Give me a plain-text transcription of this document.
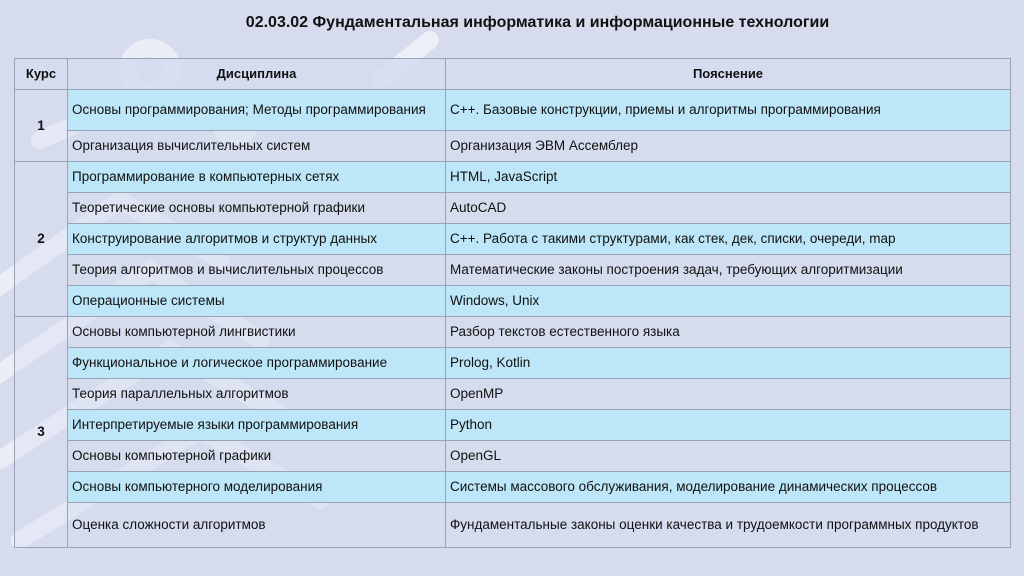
02.03.02 Фундаментальная информатика и информационные технологии
Курс	Дисциплина	Пояснение
1	Основы программирования; Методы программирования	C++. Базовые конструкции, приемы и алгоритмы программирования
	Организация вычислительных систем	Организация ЭВМ Ассемблер
2	Программирование в компьютерных сетях	HTML, JavaScript
	Теоретические основы компьютерной графики	AutoCAD
	Конструирование алгоритмов и структур данных	C++. Работа с такими структурами, как стек, дек, списки, очереди, map
	Теория алгоритмов и вычислительных процессов	Математические законы построения задач, требующих алгоритмизации
	Операционные системы	Windows, Unix
3	Основы компьютерной лингвистики	Разбор текстов естественного языка
	Функциональное и логическое программирование	Prolog, Kotlin
	Теория параллельных алгоритмов	OpenMP
	Интерпретируемые языки программирования	Python
	Основы компьютерной графики	OpenGL
	Основы компьютерного моделирования	Системы массового обслуживания, моделирование динамических процессов
	Оценка сложности алгоритмов	Фундаментальные законы оценки качества и трудоемкости программных продуктов
